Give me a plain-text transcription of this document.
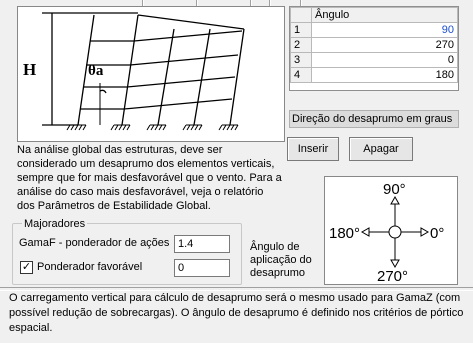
H	θa
	Ângulo
1	90
2	270
3	0
4	180
Direção do desaprumo em graus
Inserir	Apagar
Na análise global das estruturas, deve ser considerado um desaprumo dos elementos verticais, sempre que for mais desfavorável que o vento. Para a análise do caso mais desfavorável, veja o relatório dos Parâmetros de Estabilidade Global.
Majoradores
GamaF - ponderador de ações 1.4
✓ Ponderador favorável	0
Ângulo de aplicação do desaprumo
90°
180°	0°
270°
O carregamento vertical para cálculo de desaprumo será o mesmo usado para GamaZ (com possível redução de sobrecargas). O ângulo de desaprumo é definido nos critérios de pórtico espacial.
